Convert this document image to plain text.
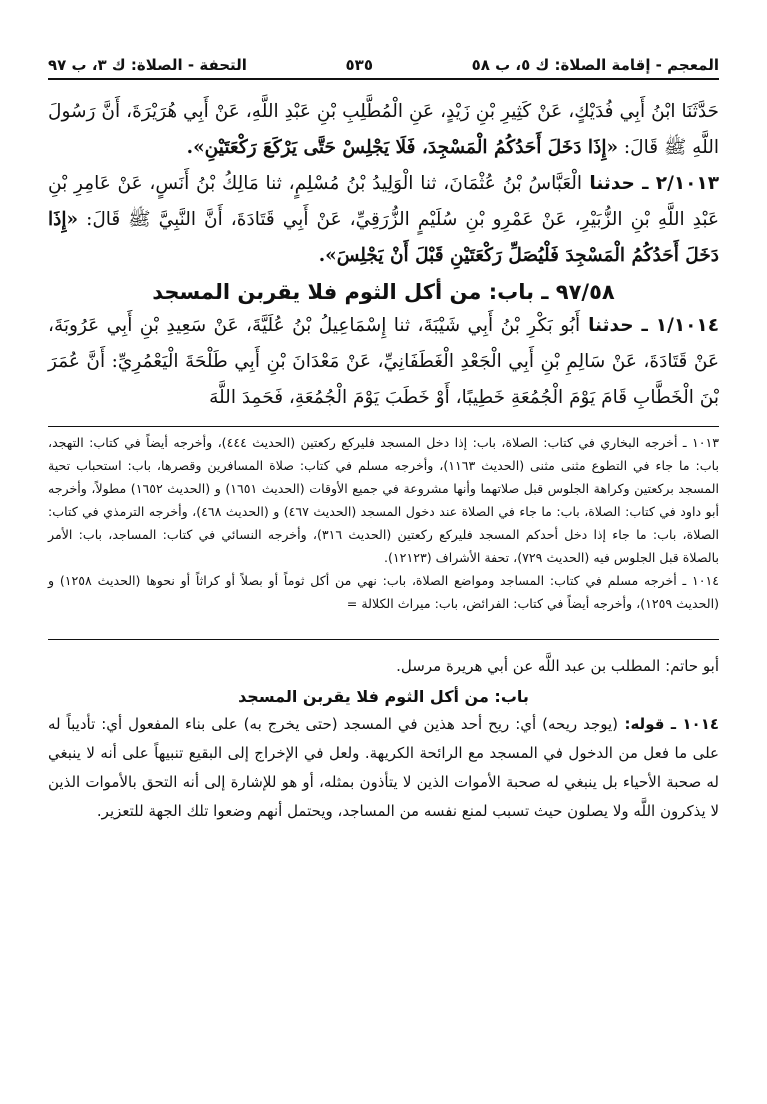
المعجم - إقامة الصلاة: ك ٥، ب ٥٨
٥٣٥
التحفة - الصلاة: ك ٣، ب ٩٧

حَدَّثَنَا ابْنُ أَبِي فُدَيْكٍ، عَنْ كَثِيرِ بْنِ زَيْدٍ، عَنِ الْمُطَّلِبِ بْنِ عَبْدِ اللَّهِ، عَنْ أَبِي هُرَيْرَةَ، أَنَّ رَسُولَ اللَّهِ ﷺ قَالَ: «إِذَا دَخَلَ أَحَدُكُمُ الْمَسْجِدَ، فَلَا يَجْلِسْ حَتَّى يَرْكَعَ رَكْعَتَيْنِ».

٢/١٠١٣ ـ حدثنا الْعَبَّاسُ بْنُ عُثْمَانَ، ثنا الْوَلِيدُ بْنُ مُسْلِمٍ، ثنا مَالِكُ بْنُ أَنَسٍ، عَنْ عَامِرِ بْنِ عَبْدِ اللَّهِ بْنِ الزُّبَيْرِ، عَنْ عَمْرِو بْنِ سُلَيْمٍ الزُّرَقِيِّ، عَنْ أَبِي قَتَادَةَ، أَنَّ النَّبِيَّ ﷺ قَالَ: «إِذَا دَخَلَ أَحَدُكُمُ الْمَسْجِدَ فَلْيُصَلِّ رَكْعَتَيْنِ قَبْلَ أَنْ يَجْلِسَ».

٩٧/٥٨ ـ باب: من أكل الثوم فلا يقربن المسجد

١/١٠١٤ ـ حدثنا أَبُو بَكْرِ بْنُ أَبِي شَيْبَةَ، ثنا إِسْمَاعِيلُ بْنُ عُلَيَّةَ، عَنْ سَعِيدِ بْنِ أَبِي عَرُوبَةَ، عَنْ قَتَادَةَ، عَنْ سَالِمِ بْنِ أَبِي الْجَعْدِ الْغَطَفَانِيِّ، عَنْ مَعْدَانَ بْنِ أَبِي طَلْحَةَ الْيَعْمُرِيِّ: أَنَّ عُمَرَ بْنَ الْخَطَّابِ قَامَ يَوْمَ الْجُمُعَةِ خَطِيبًا، أَوْ خَطَبَ يَوْمَ الْجُمُعَةِ، فَحَمِدَ اللَّهَ

١٠١٣ ـ أخرجه البخاري في كتاب: الصلاة، باب: إذا دخل المسجد فليركع ركعتين (الحديث ٤٤٤)، وأخرجه أيضاً في كتاب: التهجد، باب: ما جاء في التطوع مثنى مثنى (الحديث ١١٦٣)، وأخرجه مسلم في كتاب: صلاة المسافرين وقصرها، باب: استحباب تحية المسجد بركعتين وكراهة الجلوس قبل صلاتهما وأنها مشروعة في جميع الأوقات (الحديث ١٦٥١) و (الحديث ١٦٥٢) مطولاً، وأخرجه أبو داود في كتاب: الصلاة، باب: ما جاء في الصلاة عند دخول المسجد (الحديث ٤٦٧) و (الحديث ٤٦٨)، وأخرجه الترمذي في كتاب: الصلاة، باب: ما جاء إذا دخل أحدكم المسجد فليركع ركعتين (الحديث ٣١٦)، وأخرجه النسائي في كتاب: المساجد، باب: الأمر بالصلاة قبل الجلوس فيه (الحديث ٧٢٩)، تحفة الأشراف (١٢١٢٣).

١٠١٤ ـ أخرجه مسلم في كتاب: المساجد ومواضع الصلاة، باب: نهي من أكل ثوماً أو بصلاً أو كراثاً أو نحوها (الحديث ١٢٥٨) و (الحديث ١٢٥٩)، وأخرجه أيضاً في كتاب: الفرائض، باب: ميراث الكلالة =

أبو حاتم: المطلب بن عبد اللَّه عن أبي هريرة مرسل.

باب: من أكل الثوم فلا يقربن المسجد

١٠١٤ ـ قوله: (يوجد ريحه) أي: ريح أحد هذين في المسجد (حتى يخرج به) على بناء المفعول أي: تأديباً له على ما فعل من الدخول في المسجد مع الرائحة الكريهة. ولعل في الإخراج إلى البقيع تنبيهاً على أنه لا ينبغي له صحبة الأحياء بل ينبغي له صحبة الأموات الذين لا يتأذون بمثله، أو هو للإشارة إلى أنه التحق بالأموات الذين لا يذكرون اللَّه ولا يصلون حيث تسبب لمنع نفسه من المساجد، ويحتمل أنهم وضعوا تلك الجهة للتعزير.
